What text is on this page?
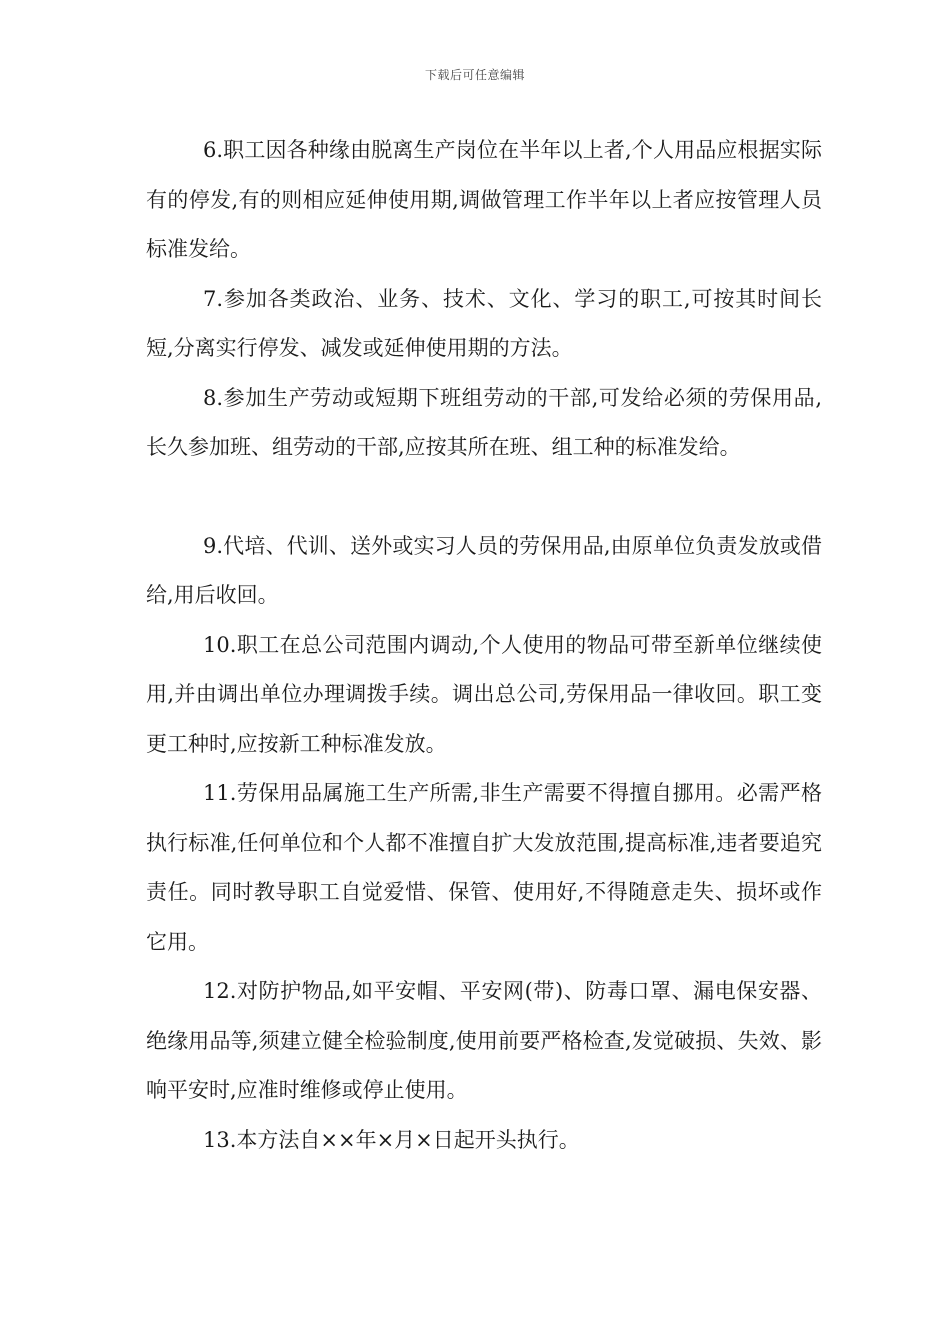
下载后可任意编辑

6.职工因各种缘由脱离生产岗位在半年以上者,个人用品应根据实际有的停发,有的则相应延伸使用期,调做管理工作半年以上者应按管理人员标准发给。

7.参加各类政治、业务、技术、文化、学习的职工,可按其时间长短,分离实行停发、减发或延伸使用期的方法。

8.参加生产劳动或短期下班组劳动的干部,可发给必须的劳保用品,长久参加班、组劳动的干部,应按其所在班、组工种的标准发给。

9.代培、代训、送外或实习人员的劳保用品,由原单位负责发放或借给,用后收回。

10.职工在总公司范围内调动,个人使用的物品可带至新单位继续使用,并由调出单位办理调拨手续。调出总公司,劳保用品一律收回。职工变更工种时,应按新工种标准发放。

11.劳保用品属施工生产所需,非生产需要不得擅自挪用。必需严格执行标准,任何单位和个人都不准擅自扩大发放范围,提高标准,违者要追究责任。同时教导职工自觉爱惜、保管、使用好,不得随意走失、损坏或作它用。

12.对防护物品,如平安帽、平安网(带)、防毒口罩、漏电保安器、绝缘用品等,须建立健全检验制度,使用前要严格检查,发觉破损、失效、影响平安时,应准时维修或停止使用。

13.本方法自××年×月×日起开头执行。
